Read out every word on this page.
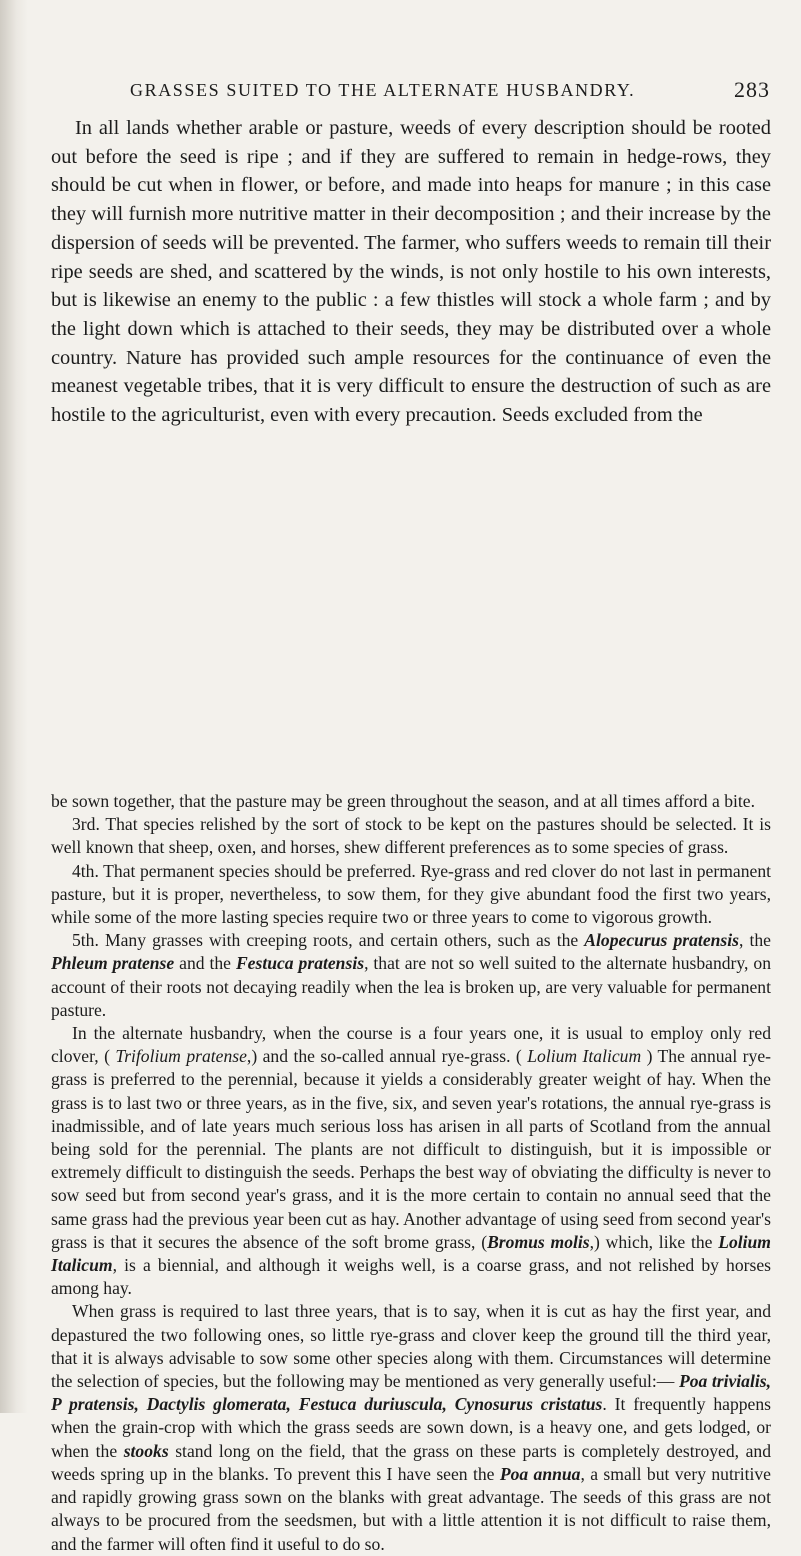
GRASSES SUITED TO THE ALTERNATE HUSBANDRY.	283

In all lands whether arable or pasture, weeds of every description should be rooted out before the seed is ripe ; and if they are suffered to remain in hedge-rows, they should be cut when in flower, or before, and made into heaps for manure ; in this case they will furnish more nutritive matter in their decomposition ; and their increase by the dispersion of seeds will be prevented. The farmer, who suffers weeds to remain till their ripe seeds are shed, and scattered by the winds, is not only hostile to his own interests, but is likewise an enemy to the public : a few thistles will stock a whole farm ; and by the light down which is attached to their seeds, they may be distributed over a whole country. Nature has provided such ample resources for the continuance of even the meanest vegetable tribes, that it is very difficult to ensure the destruction of such as are hostile to the agriculturist, even with every precaution. Seeds excluded from the

be sown together, that the pasture may be green throughout the season, and at all times afford a bite.

3rd. That species relished by the sort of stock to be kept on the pastures should be selected. It is well known that sheep, oxen, and horses, shew different preferences as to some species of grass.

4th. That permanent species should be preferred. Rye-grass and red clover do not last in permanent pasture, but it is proper, nevertheless, to sow them, for they give abundant food the first two years, while some of the more lasting species require two or three years to come to vigorous growth.

5th. Many grasses with creeping roots, and certain others, such as the Alopecurus pratensis, the Phleum pratense and the Festuca pratensis, that are not so well suited to the alternate husbandry, on account of their roots not decaying readily when the lea is broken up, are very valuable for permanent pasture.

In the alternate husbandry, when the course is a four years one, it is usual to employ only red clover, ( Trifolium pratense,) and the so-called annual rye-grass. ( Lolium Italicum ) The annual rye-grass is preferred to the perennial, because it yields a considerably greater weight of hay. When the grass is to last two or three years, as in the five, six, and seven year's rotations, the annual rye-grass is inadmissible, and of late years much serious loss has arisen in all parts of Scotland from the annual being sold for the perennial. The plants are not difficult to distinguish, but it is impossible or extremely difficult to distinguish the seeds. Perhaps the best way of obviating the difficulty is never to sow seed but from second year's grass, and it is the more certain to contain no annual seed that the same grass had the previous year been cut as hay. Another advantage of using seed from second year's grass is that it secures the absence of the soft brome grass, (Bromus molis,) which, like the Lolium Italicum, is a biennial, and although it weighs well, is a coarse grass, and not relished by horses among hay.

When grass is required to last three years, that is to say, when it is cut as hay the first year, and depastured the two following ones, so little rye-grass and clover keep the ground till the third year, that it is always advisable to sow some other species along with them. Circumstances will determine the selection of species, but the following may be mentioned as very generally useful:— Poa trivialis, P pratensis, Dactylis glomerata, Festuca duriuscula, Cynosurus cristatus. It frequently happens when the grain-crop with which the grass seeds are sown down, is a heavy one, and gets lodged, or when the stooks stand long on the field, that the grass on these parts is completely destroyed, and weeds spring up in the blanks. To prevent this I have seen the Poa annua, a small but very nutritive and rapidly growing grass sown on the blanks with great advantage. The seeds of this grass are not always to be procured from the seedsmen, but with a little attention it is not difficult to raise them, and the farmer will often find it useful to do so.
